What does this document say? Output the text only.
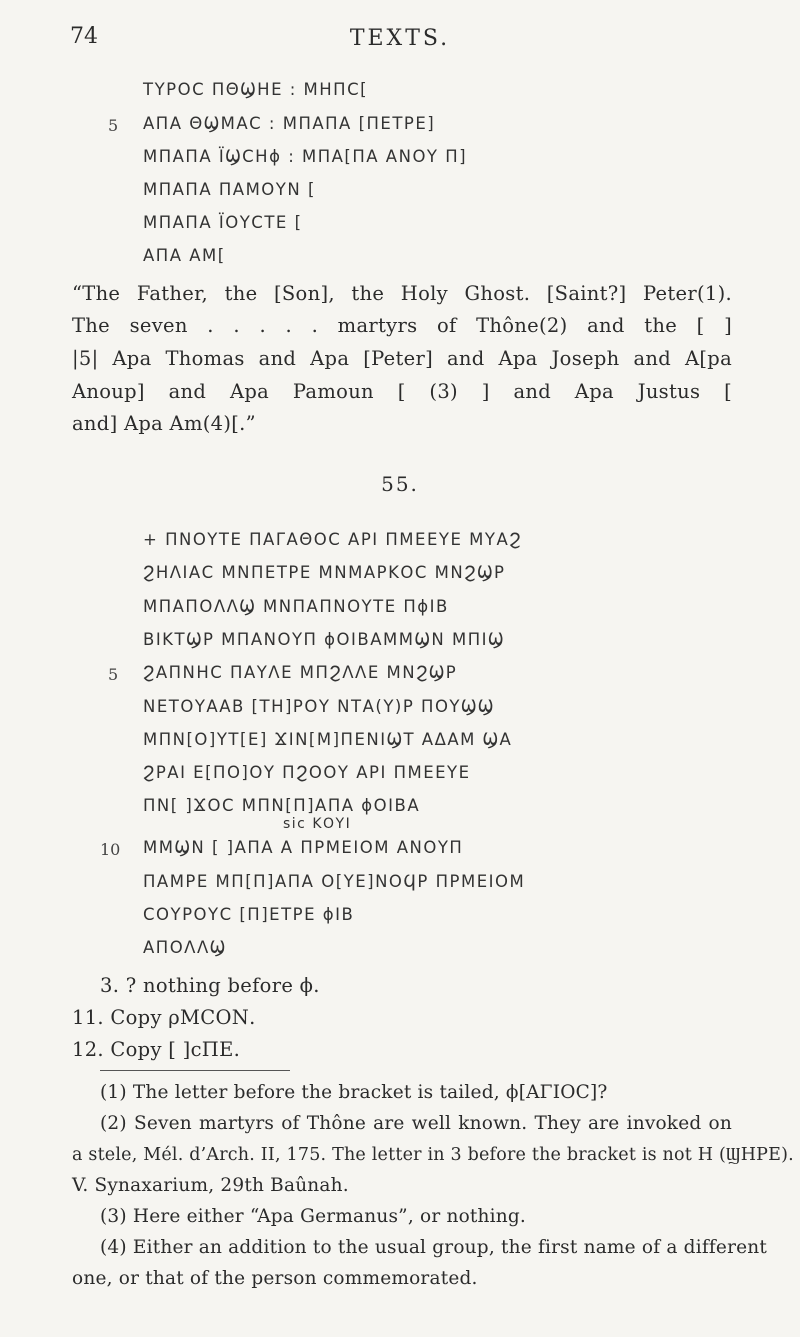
74	TEXTS.
ΤΥΡΟϹ ΠΘϢΗΕ : ΜΗΠϹ[
5 ΑΠΑ ΘϢΜΑϹ : ΜΠΑΠΑ [ΠΕΤΡΕ]
ΜΠΑΠΑ ΪϢϹΗϕ : ΜΠΑ[ΠΑ ΑΝΟΥ Π]
ΜΠΑΠΑ ΠΑΜΟΥΝ [
ΜΠΑΠΑ ΪΟΥϹΤΕ [
ΑΠΑ ΑΜ[
“The Father, the [Son], the Holy Ghost. [Saint?] Peter(1).
The seven . . . . . martyrs of Thône(2) and the [ ]
|5| Apa Thomas and Apa [Peter] and Apa Joseph and A[pa
Anoup] and Apa Pamoun [ (3) ] and Apa Justus [
and] Apa Am(4)[.”
55.
+ ΠΝΟΥΤΕ ΠΑΓΑΘΟϹ ΑΡΙ ΠΜΕΕΥΕ ΜΥΑϨ
ϨΗΛΙΑϹ ΜΝΠΕΤΡΕ ΜΝΜΑΡΚΟϹ ΜΝϨϢΡ
ΜΠΑΠΟΛΛϢ ΜΝΠΑΠΝΟΥΤΕ ΠϕΙΒ
ΒΙΚΤϢΡ ΜΠΑΝΟΥΠ ϕΟΙΒΑΜΜϢΝ ΜΠΙϢ
5 ϨΑΠΝΗϹ ΠΑΥΛΕ ΜΠϨΛΛΕ ΜΝϨϢΡ
ΝΕΤΟΥΑΑΒ [ΤΗ]ΡΟΥ ΝΤΑ(Υ)Ρ ΠΟΥϢϢ
ΜΠΝ[Ο]ΥΤ[Ε] ϪΙΝ[Μ]ΠΕΝΙϢΤ ΑΔΑΜ ϢΑ
ϨΡΑΙ Ε[ΠΟ]ΟΥ ΠϨΟΟΥ ΑΡΙ ΠΜΕΕΥΕ
ΠΝ[ ]ϪΟϹ ΜΠΝ[Π]ΑΠΑ ϕΟΙΒΑ
sic ΚΟΥΙ
10 ΜΜϢΝ [ ]ΑΠΑ Α ΠΡΜΕΙΟΜ ΑΝΟΥΠ
ΠΑΜΡΕ ΜΠ[Π]ΑΠΑ Ο[ΥΕ]ΝΟϤΡ ΠΡΜΕΙΟΜ
ϹΟΥΡΟΥϹ [Π]ΕΤΡΕ ϕΙΒ
ΑΠΟΛΛϢ
3. ? nothing before ϕ.
11. Copy ρΜϹΟΝ.
12. Copy [ ]ϲΠΕ.
(1) The letter before the bracket is tailed, ϕ[ΑΓΙΟϹ]?
(2) Seven martyrs of Thône are well known. They are invoked on
a stele, Mél. d’Arch. II, 175. The letter in 3 before the bracket is not Η (ϢΗΡΕ).
V. Synaxarium, 29th Baûnah.
(3) Here either “Apa Germanus”, or nothing.
(4) Either an addition to the usual group, the first name of a different
one, or that of the person commemorated.
